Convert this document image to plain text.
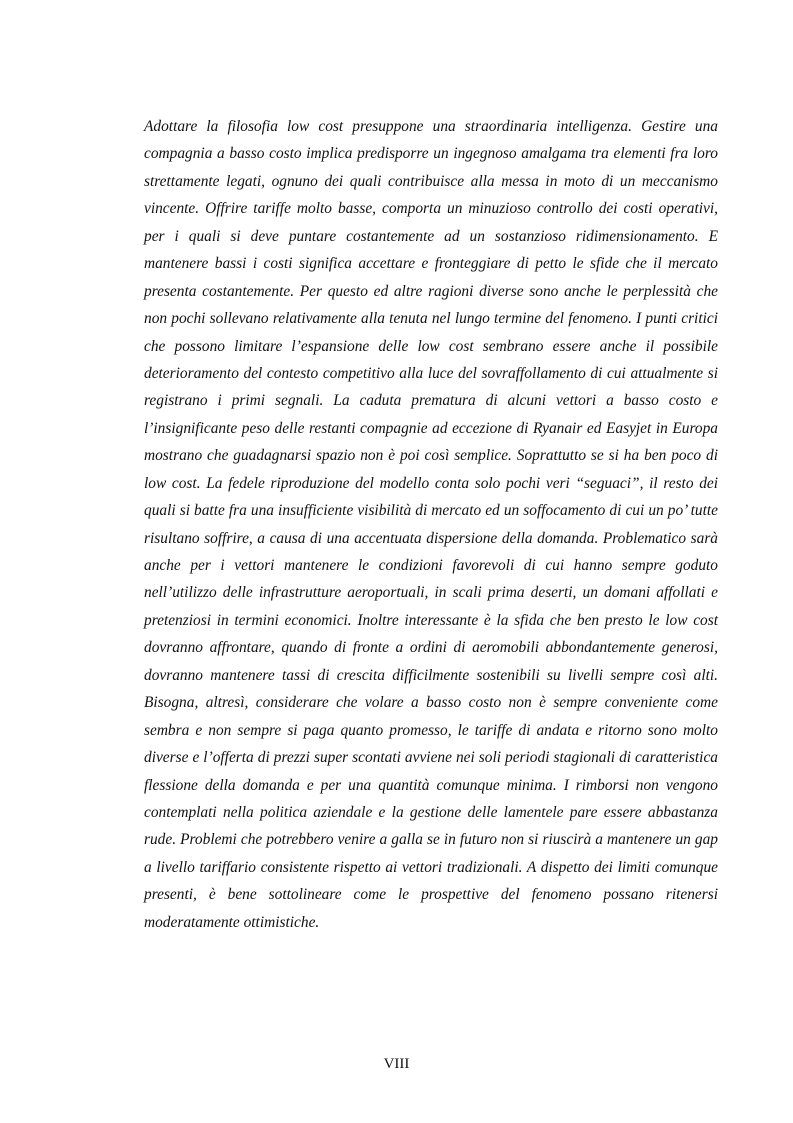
Adottare la filosofia low cost presuppone una straordinaria intelligenza. Gestire una compagnia a basso costo implica predisporre un ingegnoso amalgama tra elementi fra loro strettamente legati, ognuno dei quali contribuisce alla messa in moto di un meccanismo vincente. Offrire tariffe molto basse, comporta un minuzioso controllo dei costi operativi, per i quali si deve puntare costantemente ad un sostanzioso ridimensionamento. E mantenere bassi i costi significa accettare e fronteggiare di petto le sfide che il mercato presenta costantemente. Per questo ed altre ragioni diverse sono anche le perplessità che non pochi sollevano relativamente alla tenuta nel lungo termine del fenomeno. I punti critici che possono limitare l’espansione delle low cost sembrano essere anche il possibile deterioramento del contesto competitivo alla luce del sovraffollamento di cui attualmente si registrano i primi segnali. La caduta prematura di alcuni vettori a basso costo e l’insignificante peso delle restanti compagnie ad eccezione di Ryanair ed Easyjet in Europa mostrano che guadagnarsi spazio non è poi così semplice. Soprattutto se si ha ben poco di low cost. La fedele riproduzione del modello conta solo pochi veri “seguaci”, il resto dei quali si batte fra una insufficiente visibilità di mercato ed un soffocamento di cui un po’ tutte risultano soffrire, a causa di una accentuata dispersione della domanda. Problematico sarà anche per i vettori mantenere le condizioni favorevoli di cui hanno sempre goduto nell’utilizzo delle infrastrutture aeroportuali, in scali prima deserti, un domani affollati e pretenziosi in termini economici. Inoltre interessante è la sfida che ben presto le low cost dovranno affrontare, quando di fronte a ordini di aeromobili abbondantemente generosi, dovranno mantenere tassi di crescita difficilmente sostenibili su livelli sempre così alti. Bisogna, altresì, considerare che volare a basso costo non è sempre conveniente come sembra e non sempre si paga quanto promesso, le tariffe di andata e ritorno sono molto diverse e l’offerta di prezzi super scontati avviene nei soli periodi stagionali di caratteristica flessione della domanda e per una quantità comunque minima. I rimborsi non vengono contemplati nella politica aziendale e la gestione delle lamentele pare essere abbastanza rude. Problemi che potrebbero venire a galla se in futuro non si riuscirà a mantenere un gap a livello tariffario consistente rispetto ai vettori tradizionali. A dispetto dei limiti comunque presenti, è bene sottolineare come le prospettive del fenomeno possano ritenersi moderatamente ottimistiche.

VIII
